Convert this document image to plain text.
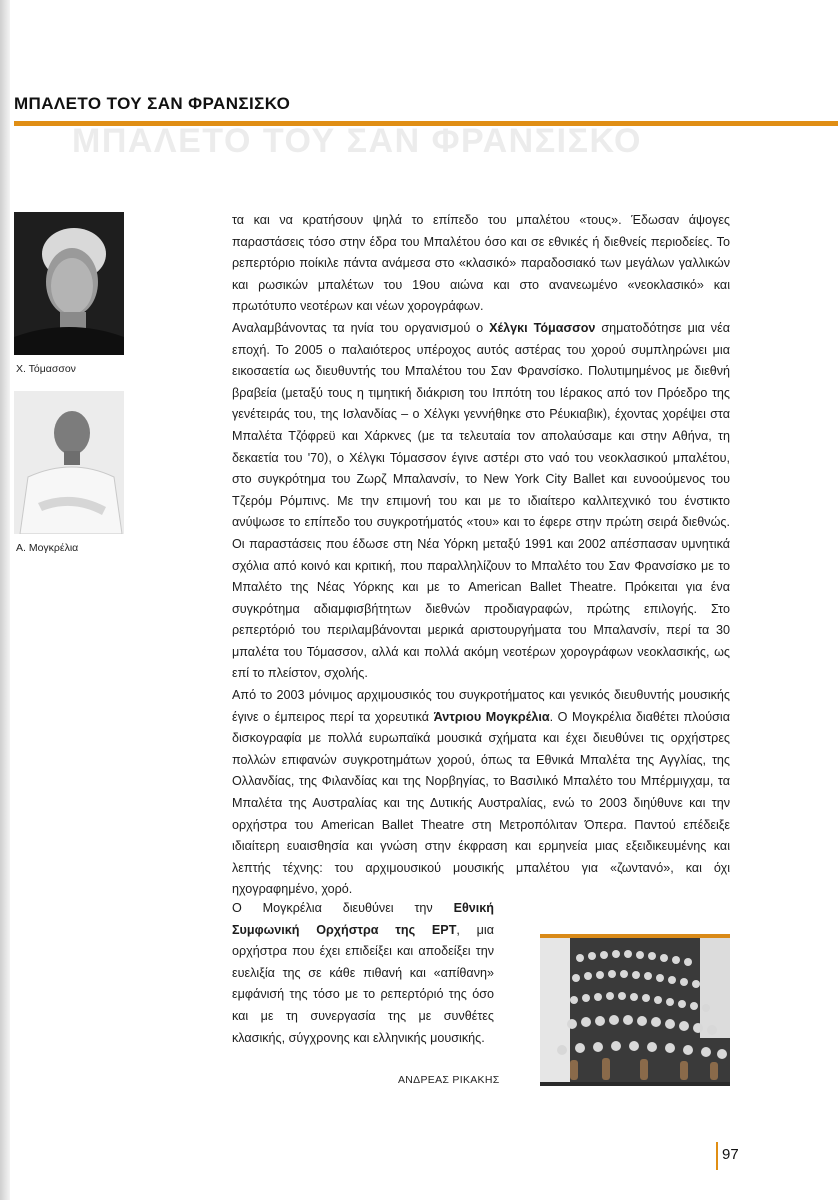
ΜΠΑΛΕΤΟ ΤΟΥ ΣΑΝ ΦΡΑΝΣΙΣΚΟ
ΜΠΑΛΕΤΟ ΤΟΥ ΣΑΝ ΦΡΑΝΣΙΣΚΟ
Χ. Τόμασσον
Α. Μογκρέλια

τα και να κρατήσουν ψηλά το επίπεδο του μπαλέτου «τους». Έδωσαν άψογες παραστάσεις τόσο στην έδρα του Μπαλέτου όσο και σε εθνικές ή διεθνείς περιοδείες. Το ρεπερτόριο ποίκιλε πάντα ανάμεσα στο «κλασικό» παραδοσιακό των μεγάλων γαλλικών και ρωσικών μπαλέτων του 19ου αιώνα και στο ανανεωμένο «νεοκλασικό» και πρωτότυπο νεοτέρων και νέων χορογράφων.

Αναλαμβάνοντας τα ηνία του οργανισμού ο Χέλγκι Τόμασσον σηματοδότησε μια νέα εποχή. Το 2005 ο παλαιότερος υπέροχος αυτός αστέρας του χορού συμπληρώνει μια εικοσαετία ως διευθυντής του Μπαλέτου του Σαν Φρανσίσκο. Πολυτιμημένος με διεθνή βραβεία (μεταξύ τους η τιμητική διάκριση του Ιππότη του Ιέρακος από τον Πρόεδρο της γενέτειράς του, της Ισλανδίας – ο Χέλγκι γεννήθηκε στο Ρέυκιαβικ), έχοντας χορέψει στα Μπαλέτα Τζόφρεϋ και Χάρκνες (με τα τελευταία τον απολαύσαμε και στην Αθήνα, τη δεκαετία του '70), ο Χέλγκι Τόμασσον έγινε αστέρι στο ναό του νεοκλασικού μπαλέτου, στο συγκρότημα του Ζωρζ Μπαλανσίν, το New York City Ballet και ευνοούμενος του Τζερόμ Ρόμπινς. Με την επιμονή του και με το ιδιαίτερο καλλιτεχνικό του ένστικτο ανύψωσε το επίπεδο του συγκροτήματός «του» και το έφερε στην πρώτη σειρά διεθνώς. Οι παραστάσεις που έδωσε στη Νέα Υόρκη μεταξύ 1991 και 2002 απέσπασαν υμνητικά σχόλια από κοινό και κριτική, που παραλληλίζουν το Μπαλέτο του Σαν Φρανσίσκο με το Μπαλέτο της Νέας Υόρκης και με το American Ballet Theatre. Πρόκειται για ένα συγκρότημα αδιαμφισβήτητων διεθνών προδιαγραφών, πρώτης επιλογής. Στο ρεπερτόριό του περιλαμβάνονται μερικά αριστουργήματα του Μπαλανσίν, περί τα 30 μπαλέτα του Τόμασσον, αλλά και πολλά ακόμη νεοτέρων χορογράφων νεοκλασικής, ως επί το πλείστον, σχολής.

Από το 2003 μόνιμος αρχιμουσικός του συγκροτήματος και γενικός διευθυντής μουσικής έγινε ο έμπειρος περί τα χορευτικά Άντριου Μογκρέλια. Ο Μογκρέλια διαθέτει πλούσια δισκογραφία με πολλά ευρωπαϊκά μουσικά σχήματα και έχει διευθύνει τις ορχήστρες πολλών επιφανών συγκροτημάτων χορού, όπως τα Εθνικά Μπαλέτα της Αγγλίας, της Ολλανδίας, της Φιλανδίας και της Νορβηγίας, το Βασιλικό Μπαλέτο του Μπέρμιγχαμ, τα Μπαλέτα της Αυστραλίας και της Δυτικής Αυστραλίας, ενώ το 2003 διηύθυνε και την ορχήστρα του American Ballet Theatre στη Μετροπόλιταν Όπερα. Παντού επέδειξε ιδιαίτερη ευαισθησία και γνώση στην έκφραση και ερμηνεία μιας εξειδικευμένης και λεπτής τέχνης: του αρχιμουσικού μουσικής μπαλέτου για «ζωντανό», και όχι ηχογραφημένο, χορό.

Ο Μογκρέλια διευθύνει την Εθνική Συμφωνική Ορχήστρα της ΕΡΤ, μια ορχήστρα που έχει επιδείξει και αποδείξει την ευελιξία της σε κάθε πιθανή και «απίθανη» εμφάνισή της τόσο με το ρεπερτόριό της όσο και με τη συνεργασία της με συνθέτες κλασικής, σύγχρονης και ελληνικής μουσικής.

ΑΝΔΡΕΑΣ ΡΙΚΑΚΗΣ
97
